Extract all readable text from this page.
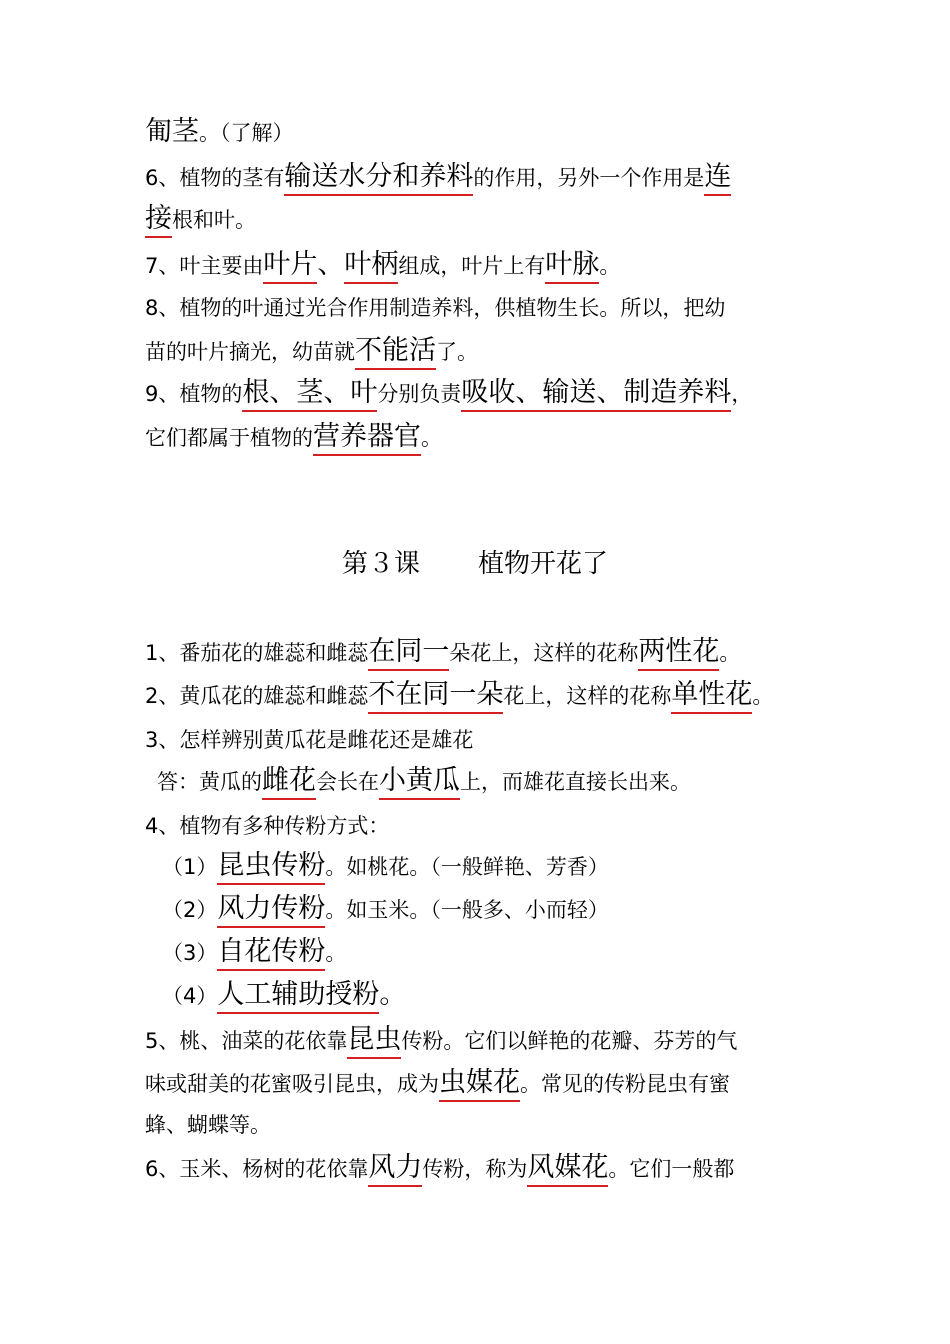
匍茎。（了解）
6、植物的茎有输送水分和养料的作用，另外一个作用是连
接根和叶。
7、叶主要由叶片、叶柄组成，叶片上有叶脉。
8、植物的叶通过光合作用制造养料，供植物生长。所以，把幼
苗的叶片摘光，幼苗就不能活了。
9、植物的根、茎、叶分别负责吸收、输送、制造养料，
它们都属于植物的营养器官。
第３课 植物开花了
1、番茄花的雄蕊和雌蕊在同一朵花上，这样的花称两性花。
2、黄瓜花的雄蕊和雌蕊不在同一朵花上，这样的花称单性花。
3、怎样辨别黄瓜花是雌花还是雄花
答：黄瓜的雌花会长在小黄瓜上，而雄花直接长出来。
4、植物有多种传粉方式：
（1）昆虫传粉。如桃花。（一般鲜艳、芳香）
（2）风力传粉。如玉米。（一般多、小而轻）
（3）自花传粉。
（4）人工辅助授粉。
5、桃、油菜的花依靠昆虫传粉。它们以鲜艳的花瓣、芬芳的气
味或甜美的花蜜吸引昆虫，成为虫媒花。常见的传粉昆虫有蜜
蜂、蝴蝶等。
6、玉米、杨树的花依靠风力传粉，称为风媒花。它们一般都
